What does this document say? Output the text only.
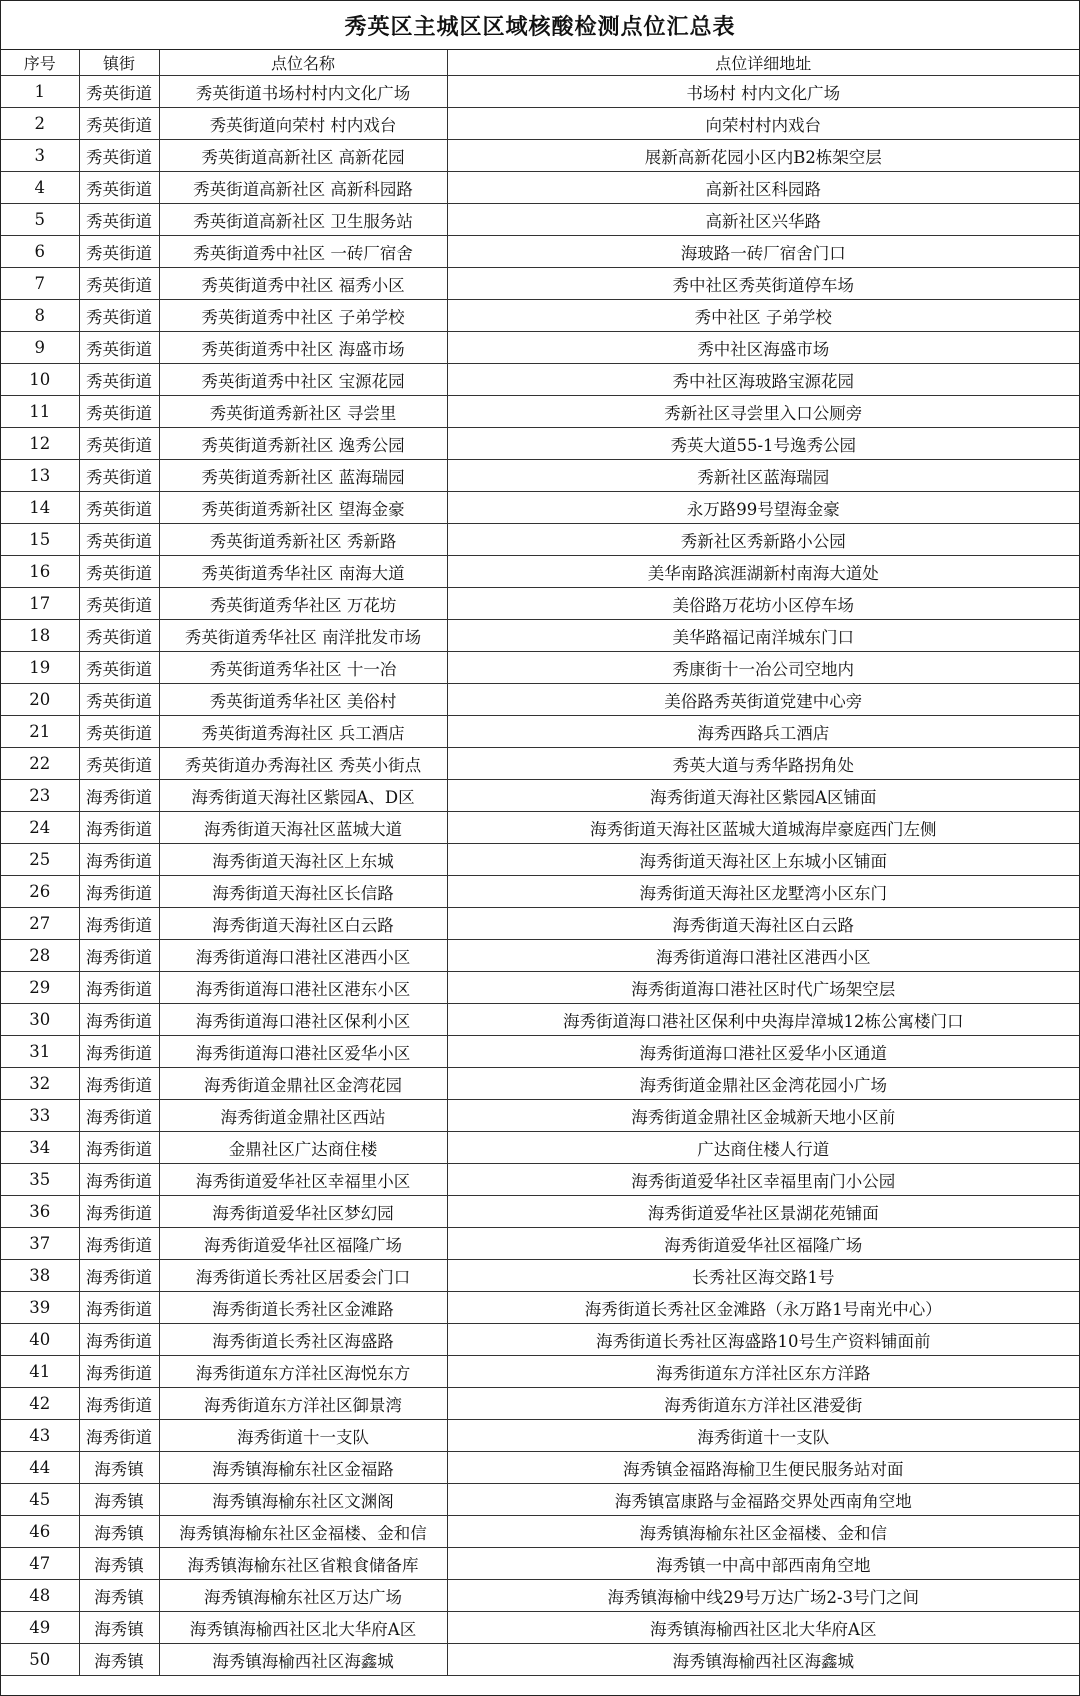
秀英区主城区区域核酸检测点位汇总表
序号	镇街	点位名称	点位详细地址
1	秀英街道	秀英街道书场村村内文化广场	书场村 村内文化广场
2	秀英街道	秀英街道向荣村 村内戏台	向荣村村内戏台
3	秀英街道	秀英街道高新社区 高新花园	展新高新花园小区内B2栋架空层
4	秀英街道	秀英街道高新社区 高新科园路	高新社区科园路
5	秀英街道	秀英街道高新社区 卫生服务站	高新社区兴华路
6	秀英街道	秀英街道秀中社区 一砖厂宿舍	海玻路一砖厂宿舍门口
7	秀英街道	秀英街道秀中社区 福秀小区	秀中社区秀英街道停车场
8	秀英街道	秀英街道秀中社区 子弟学校	秀中社区 子弟学校
9	秀英街道	秀英街道秀中社区 海盛市场	秀中社区海盛市场
10	秀英街道	秀英街道秀中社区 宝源花园	秀中社区海玻路宝源花园
11	秀英街道	秀英街道秀新社区 寻尝里	秀新社区寻尝里入口公厕旁
12	秀英街道	秀英街道秀新社区 逸秀公园	秀英大道55-1号逸秀公园
13	秀英街道	秀英街道秀新社区 蓝海瑞园	秀新社区蓝海瑞园
14	秀英街道	秀英街道秀新社区 望海金豪	永万路99号望海金豪
15	秀英街道	秀英街道秀新社区 秀新路	秀新社区秀新路小公园
16	秀英街道	秀英街道秀华社区 南海大道	美华南路滨涯湖新村南海大道处
17	秀英街道	秀英街道秀华社区 万花坊	美俗路万花坊小区停车场
18	秀英街道	秀英街道秀华社区 南洋批发市场	美华路福记南洋城东门口
19	秀英街道	秀英街道秀华社区 十一冶	秀康街十一冶公司空地内
20	秀英街道	秀英街道秀华社区 美俗村	美俗路秀英街道党建中心旁
21	秀英街道	秀英街道秀海社区 兵工酒店	海秀西路兵工酒店
22	秀英街道	秀英街道办秀海社区 秀英小街点	秀英大道与秀华路拐角处
23	海秀街道	海秀街道天海社区紫园A、D区	海秀街道天海社区紫园A区铺面
24	海秀街道	海秀街道天海社区蓝城大道	海秀街道天海社区蓝城大道城海岸豪庭西门左侧
25	海秀街道	海秀街道天海社区上东城	海秀街道天海社区上东城小区铺面
26	海秀街道	海秀街道天海社区长信路	海秀街道天海社区龙墅湾小区东门
27	海秀街道	海秀街道天海社区白云路	海秀街道天海社区白云路
28	海秀街道	海秀街道海口港社区港西小区	海秀街道海口港社区港西小区
29	海秀街道	海秀街道海口港社区港东小区	海秀街道海口港社区时代广场架空层
30	海秀街道	海秀街道海口港社区保利小区	海秀街道海口港社区保利中央海岸漳城12栋公寓楼门口
31	海秀街道	海秀街道海口港社区爱华小区	海秀街道海口港社区爱华小区通道
32	海秀街道	海秀街道金鼎社区金湾花园	海秀街道金鼎社区金湾花园小广场
33	海秀街道	海秀街道金鼎社区西站	海秀街道金鼎社区金城新天地小区前
34	海秀街道	金鼎社区广达商住楼	广达商住楼人行道
35	海秀街道	海秀街道爱华社区幸福里小区	海秀街道爱华社区幸福里南门小公园
36	海秀街道	海秀街道爱华社区梦幻园	海秀街道爱华社区景湖花苑铺面
37	海秀街道	海秀街道爱华社区福隆广场	海秀街道爱华社区福隆广场
38	海秀街道	海秀街道长秀社区居委会门口	长秀社区海交路1号
39	海秀街道	海秀街道长秀社区金滩路	海秀街道长秀社区金滩路（永万路1号南光中心）
40	海秀街道	海秀街道长秀社区海盛路	海秀街道长秀社区海盛路10号生产资料铺面前
41	海秀街道	海秀街道东方洋社区海悦东方	海秀街道东方洋社区东方洋路
42	海秀街道	海秀街道东方洋社区御景湾	海秀街道东方洋社区港爱街
43	海秀街道	海秀街道十一支队	海秀街道十一支队
44	海秀镇	海秀镇海榆东社区金福路	海秀镇金福路海榆卫生便民服务站对面
45	海秀镇	海秀镇海榆东社区文渊阁	海秀镇富康路与金福路交界处西南角空地
46	海秀镇	海秀镇海榆东社区金福楼、金和信	海秀镇海榆东社区金福楼、金和信
47	海秀镇	海秀镇海榆东社区省粮食储备库	海秀镇一中高中部西南角空地
48	海秀镇	海秀镇海榆东社区万达广场	海秀镇海榆中线29号万达广场2-3号门之间
49	海秀镇	海秀镇海榆西社区北大华府A区	海秀镇海榆西社区北大华府A区
50	海秀镇	海秀镇海榆西社区海鑫城	海秀镇海榆西社区海鑫城
